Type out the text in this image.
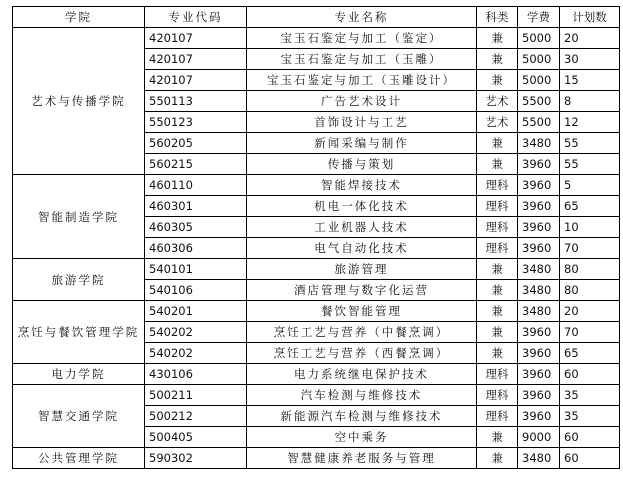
学院	专业代码	专业名称	科类	学费	计划数
艺术与传播学院	420107	宝玉石鉴定与加工（鉴定）	兼	5000	20
	420107	宝玉石鉴定与加工（玉雕）	兼	5000	30
	420107	宝玉石鉴定与加工（玉雕设计）	兼	5000	15
	550113	广告艺术设计	艺术	5500	8
	550123	首饰设计与工艺	艺术	5500	12
	560205	新闻采编与制作	兼	3480	55
	560215	传播与策划	兼	3960	55
智能制造学院	460110	智能焊接技术	理科	3960	5
	460301	机电一体化技术	理科	3960	65
	460305	工业机器人技术	理科	3960	10
	460306	电气自动化技术	理科	3960	70
旅游学院	540101	旅游管理	兼	3480	80
	540106	酒店管理与数字化运营	兼	3480	80
烹饪与餐饮管理学院	540201	餐饮智能管理	兼	3480	20
	540202	烹饪工艺与营养（中餐烹调）	兼	3960	70
	540202	烹饪工艺与营养（西餐烹调）	兼	3960	65
电力学院	430106	电力系统继电保护技术	理科	3960	60
智慧交通学院	500211	汽车检测与维修技术	理科	3960	35
	500212	新能源汽车检测与维修技术	理科	3960	35
	500405	空中乘务	兼	9000	60
公共管理学院	590302	智慧健康养老服务与管理	兼	3480	60
